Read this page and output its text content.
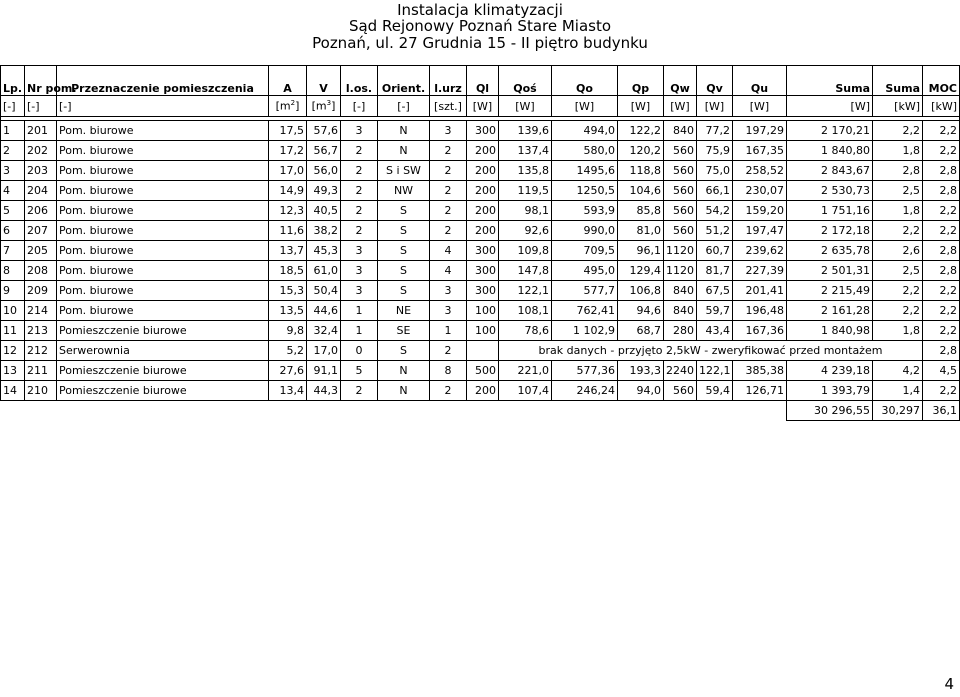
Instalacja klimatyzacji
Sąd Rejonowy Poznań Stare Miasto
Poznań, ul. 27 Grudnia 15 - II piętro budynku
Lp.	Nr pom.	Przeznaczenie pomieszczenia	A	V	l.os.	Orient.	l.urz	Ql	Qoś	Qo	Qp	Qw	Qv	Qu	Suma	Suma	MOC
[-]	[-]	[-]	$[m^2]$	$[m^3]$	[-]	[-]	[szt.]	[W]	[W]	[W]	[W]	[W]	[W]	[W]	[W]	[kW]	[kW]

1	201	Pom. biurowe	17,5	57,6	3	N	3	300	139,6	494,0	122,2	840	77,2	197,29	2 170,21	2,2	2,2
2	202	Pom. biurowe	17,2	56,7	2	N	2	200	137,4	580,0	120,2	560	75,9	167,35	1 840,80	1,8	2,2
3	203	Pom. biurowe	17,0	56,0	2	S i SW	2	200	135,8	1495,6	118,8	560	75,0	258,52	2 843,67	2,8	2,8
4	204	Pom. biurowe	14,9	49,3	2	NW	2	200	119,5	1250,5	104,6	560	66,1	230,07	2 530,73	2,5	2,8
5	206	Pom. biurowe	12,3	40,5	2	S	2	200	98,1	593,9	85,8	560	54,2	159,20	1 751,16	1,8	2,2
6	207	Pom. biurowe	11,6	38,2	2	S	2	200	92,6	990,0	81,0	560	51,2	197,47	2 172,18	2,2	2,2
7	205	Pom. biurowe	13,7	45,3	3	S	4	300	109,8	709,5	96,1	1120	60,7	239,62	2 635,78	2,6	2,8
8	208	Pom. biurowe	18,5	61,0	3	S	4	300	147,8	495,0	129,4	1120	81,7	227,39	2 501,31	2,5	2,8
9	209	Pom. biurowe	15,3	50,4	3	S	3	300	122,1	577,7	106,8	840	67,5	201,41	2 215,49	2,2	2,2
10	214	Pom. biurowe	13,5	44,6	1	NE	3	100	108,1	762,41	94,6	840	59,7	196,48	2 161,28	2,2	2,2
11	213	Pomieszczenie biurowe	9,8	32,4	1	SE	1	100	78,6	1 102,9	68,7	280	43,4	167,36	1 840,98	1,8	2,2
12	212	Serwerownia	5,2	17,0	0	S	2		brak danych - przyjęto 2,5kW - zweryfikować przed montażem								2,8
13	211	Pomieszczenie biurowe	27,6	91,1	5	N	8	500	221,0	577,36	193,3	2240	122,1	385,38	4 239,18	4,2	4,5
14	210	Pomieszczenie biurowe	13,4	44,3	2	N	2	200	107,4	246,24	94,0	560	59,4	126,71	1 393,79	1,4	2,2
															30 296,55	30,297	36,1
4
